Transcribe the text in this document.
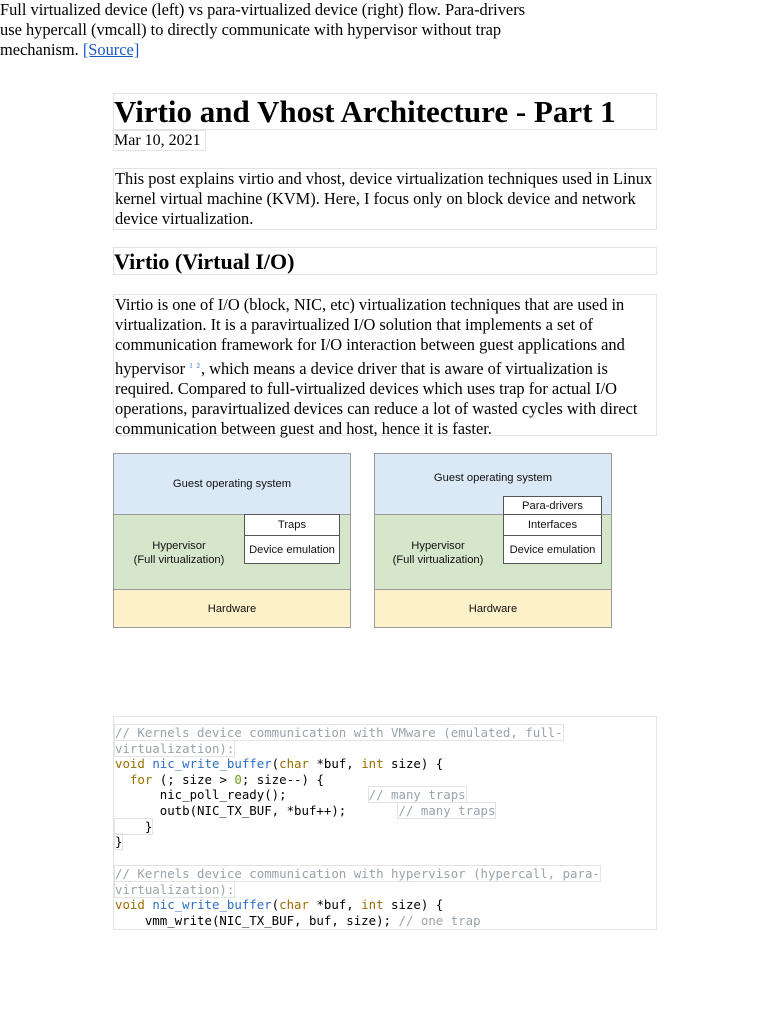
Virtio and Vhost Architecture - Part 1
Mar 10, 2021
This post explains virtio and vhost, device virtualization techniques used in Linux kernel virtual machine (KVM). Here, I focus only on block device and network device virtualization.
Virtio (Virtual I/O)
Virtio is one of I/O (block, NIC, etc) virtualization techniques that are used in virtualization. It is a paravirtualized I/O solution that implements a set of communication framework for I/O interaction between guest applications and hypervisor $^{1 2}$, which means a device driver that is aware of virtualization is required. Compared to full-virtualized devices which uses trap for actual I/O operations, paravirtualized devices can reduce a lot of wasted cycles with direct communication between guest and host, hence it is faster.
Guest operating system
Hypervisor
(Full virtualization)
Traps
Device emulation
Hardware
Guest operating system
Para-drivers
Hypervisor
(Full virtualization)
Interfaces
Device emulation
Hardware
Full virtualized device (left) vs para-virtualized device (right) flow. Para-drivers use hypercall (vmcall) to directly communicate with hypervisor without trap mechanism. [Source]
// Kernels device communication with VMware (emulated, full-
virtualization):
void nic_write_buffer(char *buf, int size) {
for (; size > 0; size--) {
nic_poll_ready();	// many traps
outb(NIC_TX_BUF, *buf++);	// many traps
}
}
// Kernels device communication with hypervisor (hypercall, para-
virtualization):
void nic_write_buffer(char *buf, int size) {
vmm_write(NIC_TX_BUF, buf, size); // one trap
